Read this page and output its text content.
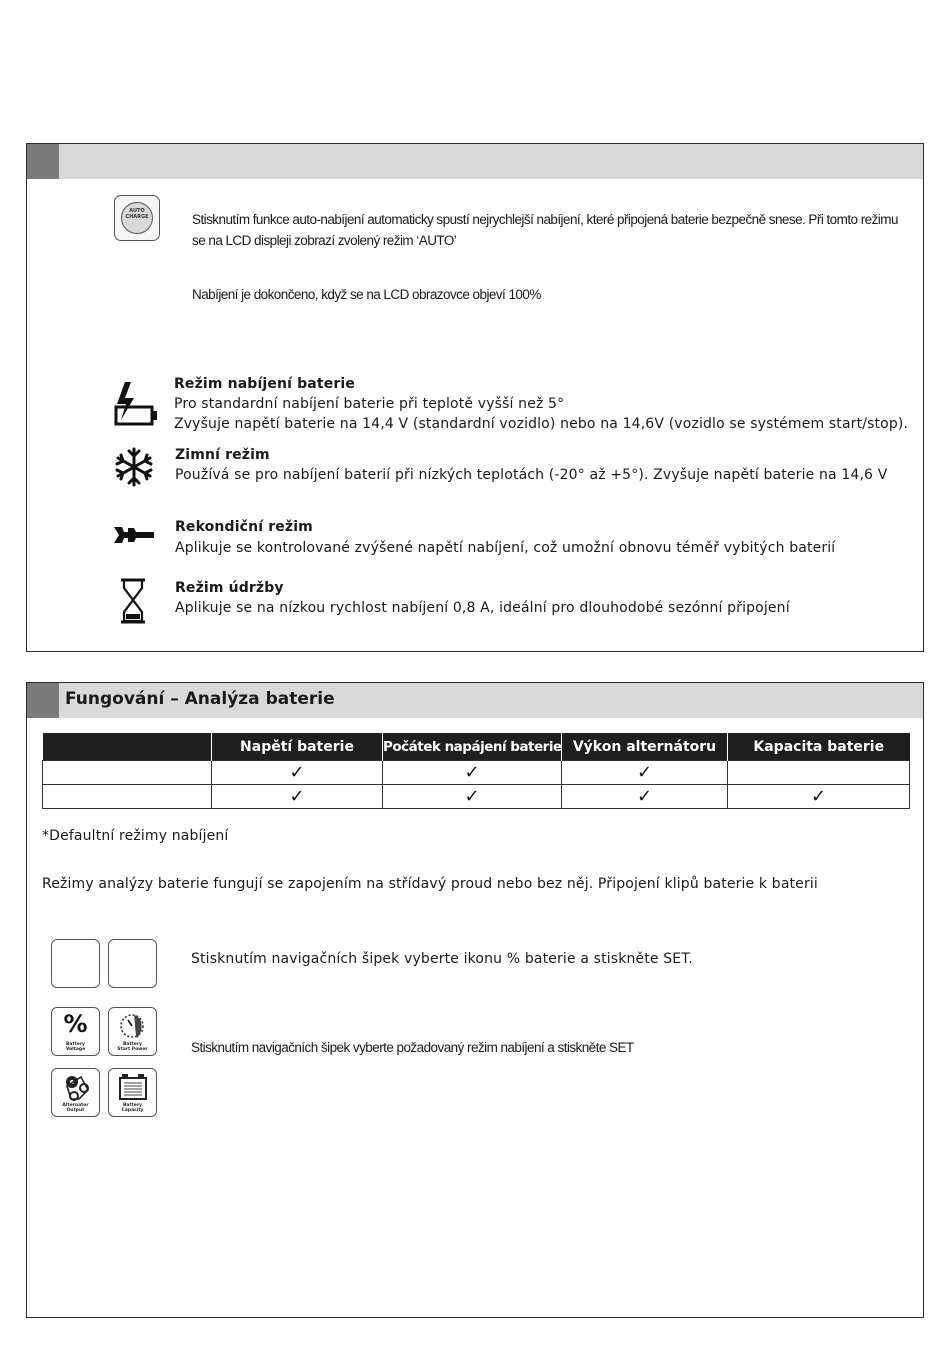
AUTO
CHARGE	Stisknutím funkce auto-nabíjení automaticky spustí nejrychlejší nabíjení, které připojená baterie bezpečně snese. Při tomto režimu se na LCD displeji zobrazí zvolený režim ‘AUTO’
Nabíjení je dokončeno, když se na LCD obrazovce objeví 100%
Režim nabíjení baterie
Pro standardní nabíjení baterie při teplotě vyšší než 5°
Zvyšuje napětí baterie na 14,4 V (standardní vozidlo) nebo na 14,6V (vozidlo se systémem start/stop).
Zimní režim
Používá se pro nabíjení baterií při nízkých teplotách (-20° až +5°). Zvyšuje napětí baterie na 14,6 V
Rekondiční režim
Aplikuje se kontrolované zvýšené napětí nabíjení, což umožní obnovu téměř vybitých baterií
Režim údržby
Aplikuje se na nízkou rychlost nabíjení 0,8 A, ideální pro dlouhodobé sezónní připojení
Fungování – Analýza baterie
	Napětí baterie	Počátek napájení baterie	Výkon alternátoru	Kapacita baterie
	✓	✓	✓	
	✓	✓	✓	✓
*Defaultní režimy nabíjení
Režimy analýzy baterie fungují se zapojením na střídavý proud nebo bez něj. Připojení klipů baterie k baterii
Stisknutím navigačních šipek vyberte ikonu % baterie a stiskněte SET.
%
Battery
Voltage
Battery
Start Power	Stisknutím navigačních šipek vyberte požadovaný režim nabíjení a stiskněte SET
Alternator
Output
Battery
Capacity
